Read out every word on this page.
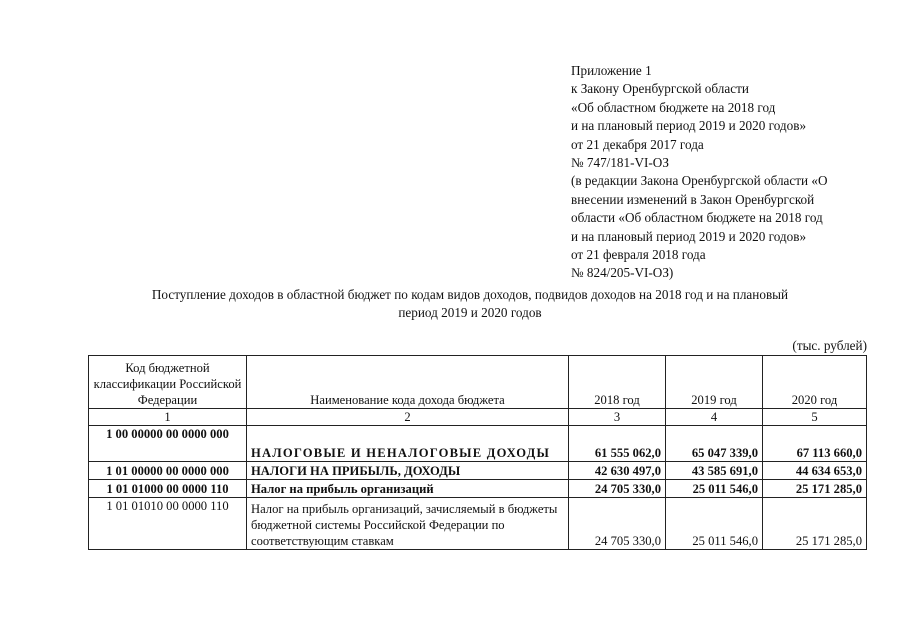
Приложение 1
к Закону Оренбургской области
«Об областном бюджете на 2018 год
и на плановый период 2019 и 2020 годов»
от 21 декабря 2017 года
№ 747/181-VI-ОЗ
(в редакции Закона Оренбургской области «О
внесении изменений в Закон Оренбургской
области «Об областном бюджете на 2018 год
и на плановый период 2019 и 2020 годов»
от 21 февраля 2018 года
№ 824/205-VI-ОЗ)
Поступление доходов в областной бюджет по кодам видов доходов, подвидов доходов на 2018 год и на плановый
период 2019 и 2020 годов
(тыс. рублей)
Код бюджетной классификации Российской Федерации	Наименование кода дохода бюджета	2018 год	2019 год	2020 год
1	2	3	4	5
1 00 00000 00 0000 000	НАЛОГОВЫЕ И НЕНАЛОГОВЫЕ ДОХОДЫ	61 555 062,0	65 047 339,0	67 113 660,0
1 01 00000 00 0000 000	НАЛОГИ НА ПРИБЫЛЬ, ДОХОДЫ	42 630 497,0	43 585 691,0	44 634 653,0
1 01 01000 00 0000 110	Налог на прибыль организаций	24 705 330,0	25 011 546,0	25 171 285,0
1 01 01010 00 0000 110	Налог на прибыль организаций, зачисляемый в бюджеты бюджетной системы Российской Федерации по соответствующим ставкам	24 705 330,0	25 011 546,0	25 171 285,0
